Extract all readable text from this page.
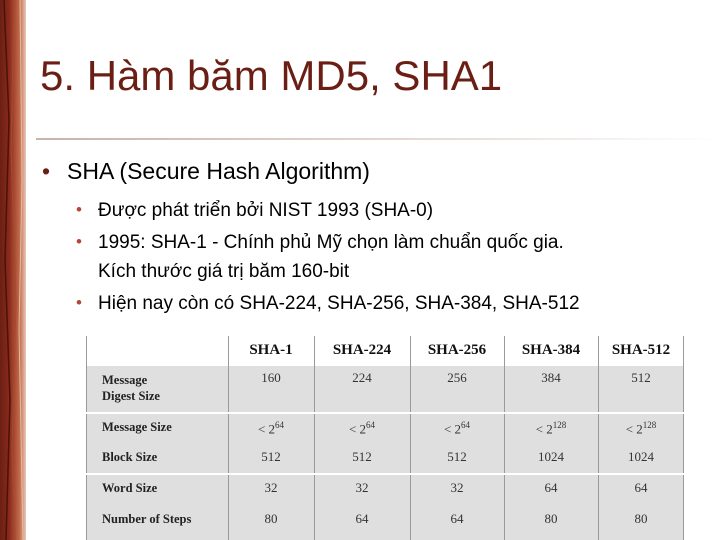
5. Hàm băm MD5, SHA1
• SHA (Secure Hash Algorithm)
• Được phát triển bởi NIST 1993 (SHA-0)
• 1995: SHA-1 - Chính phủ Mỹ chọn làm chuẩn quốc gia.
Kích thước giá trị băm 160-bit
• Hiện nay còn có SHA-224, SHA-256, SHA-384, SHA-512
SHA-1	SHA-224	SHA-256	SHA-384	SHA-512
Message
Digest Size
160	224	256	384	512
Message Size	< $2^{64}$	< $2^{64}$	< $2^{64}$	< $2^{128}$	< $2^{128}$
Block Size	512	512	512	1024	1024
Word Size	32	32	32	64	64
Number of Steps	80	64	64	80	80
